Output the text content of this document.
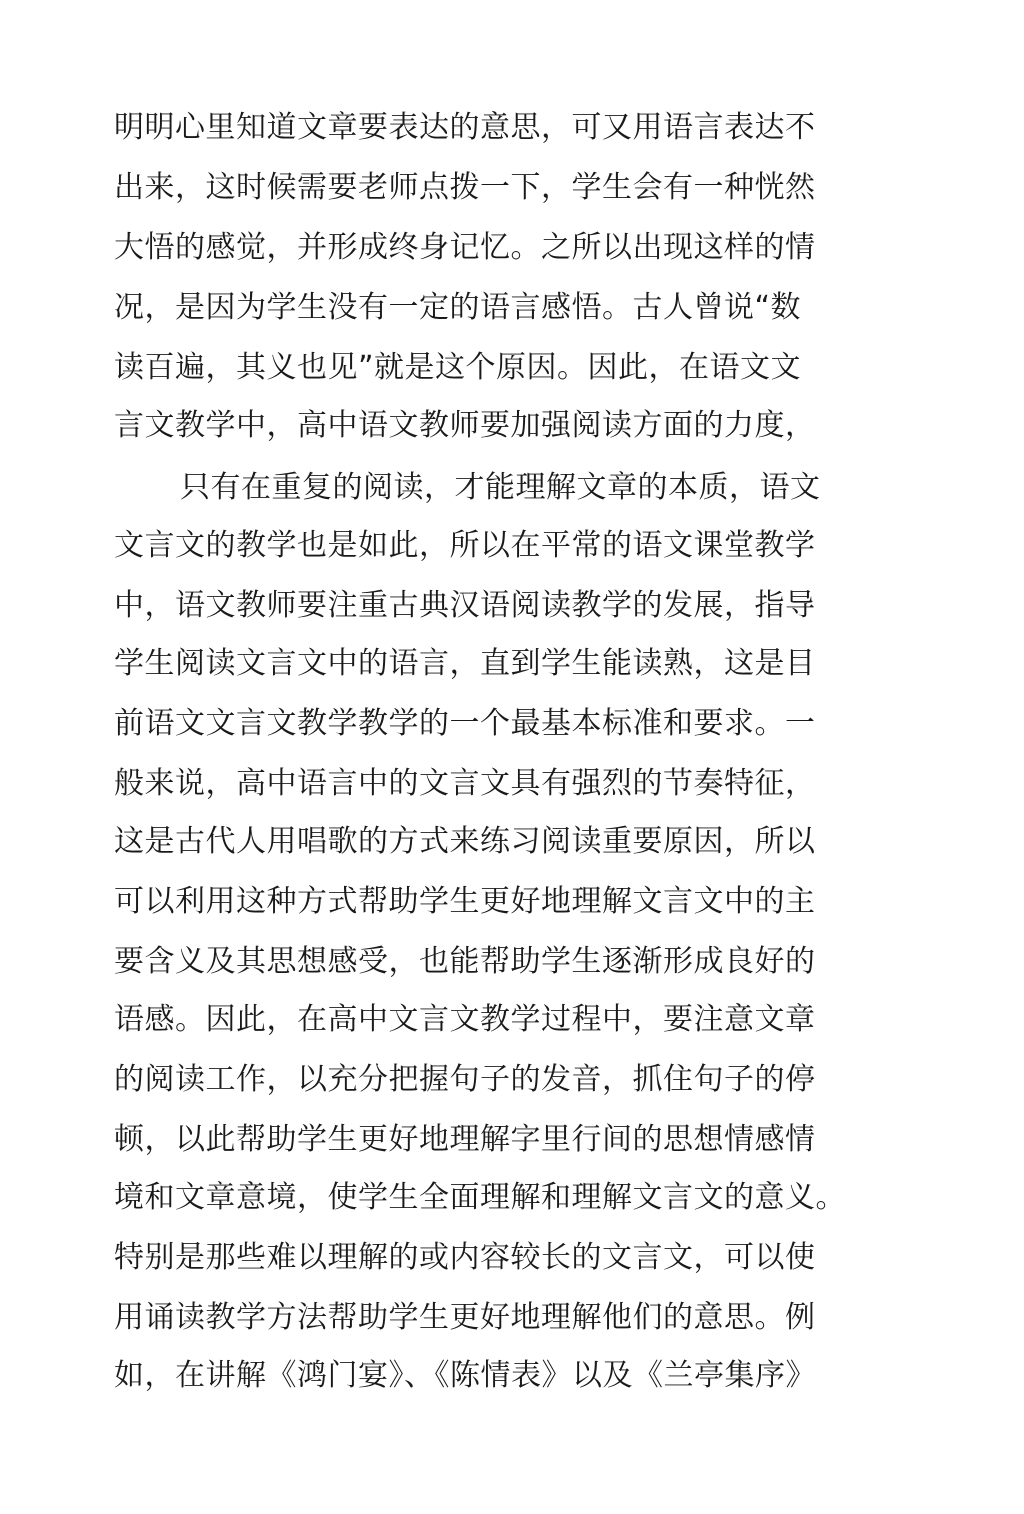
明明心里知道文章要表达的意思，可又用语言表达不
出来，这时候需要老师点拨一下，学生会有一种恍然
大悟的感觉，并形成终身记忆。之所以出现这样的情
况，是因为学生没有一定的语言感悟。古人曾说“数
读百遍，其义也见”就是这个原因。因此，在语文文
言文教学中，高中语文教师要加强阅读方面的力度，
只有在重复的阅读，才能理解文章的本质，语文
文言文的教学也是如此，所以在平常的语文课堂教学
中，语文教师要注重古典汉语阅读教学的发展，指导
学生阅读文言文中的语言，直到学生能读熟，这是目
前语文文言文教学教学的一个最基本标准和要求。一
般来说，高中语言中的文言文具有强烈的节奏特征，
这是古代人用唱歌的方式来练习阅读重要原因，所以
可以利用这种方式帮助学生更好地理解文言文中的主
要含义及其思想感受，也能帮助学生逐渐形成良好的
语感。因此，在高中文言文教学过程中，要注意文章
的阅读工作，以充分把握句子的发音，抓住句子的停
顿，以此帮助学生更好地理解字里行间的思想情感情
境和文章意境，使学生全面理解和理解文言文的意义。
特别是那些难以理解的或内容较长的文言文，可以使
用诵读教学方法帮助学生更好地理解他们的意思。例
如，在讲解《鸿门宴》、《陈情表》以及《兰亭集序》
